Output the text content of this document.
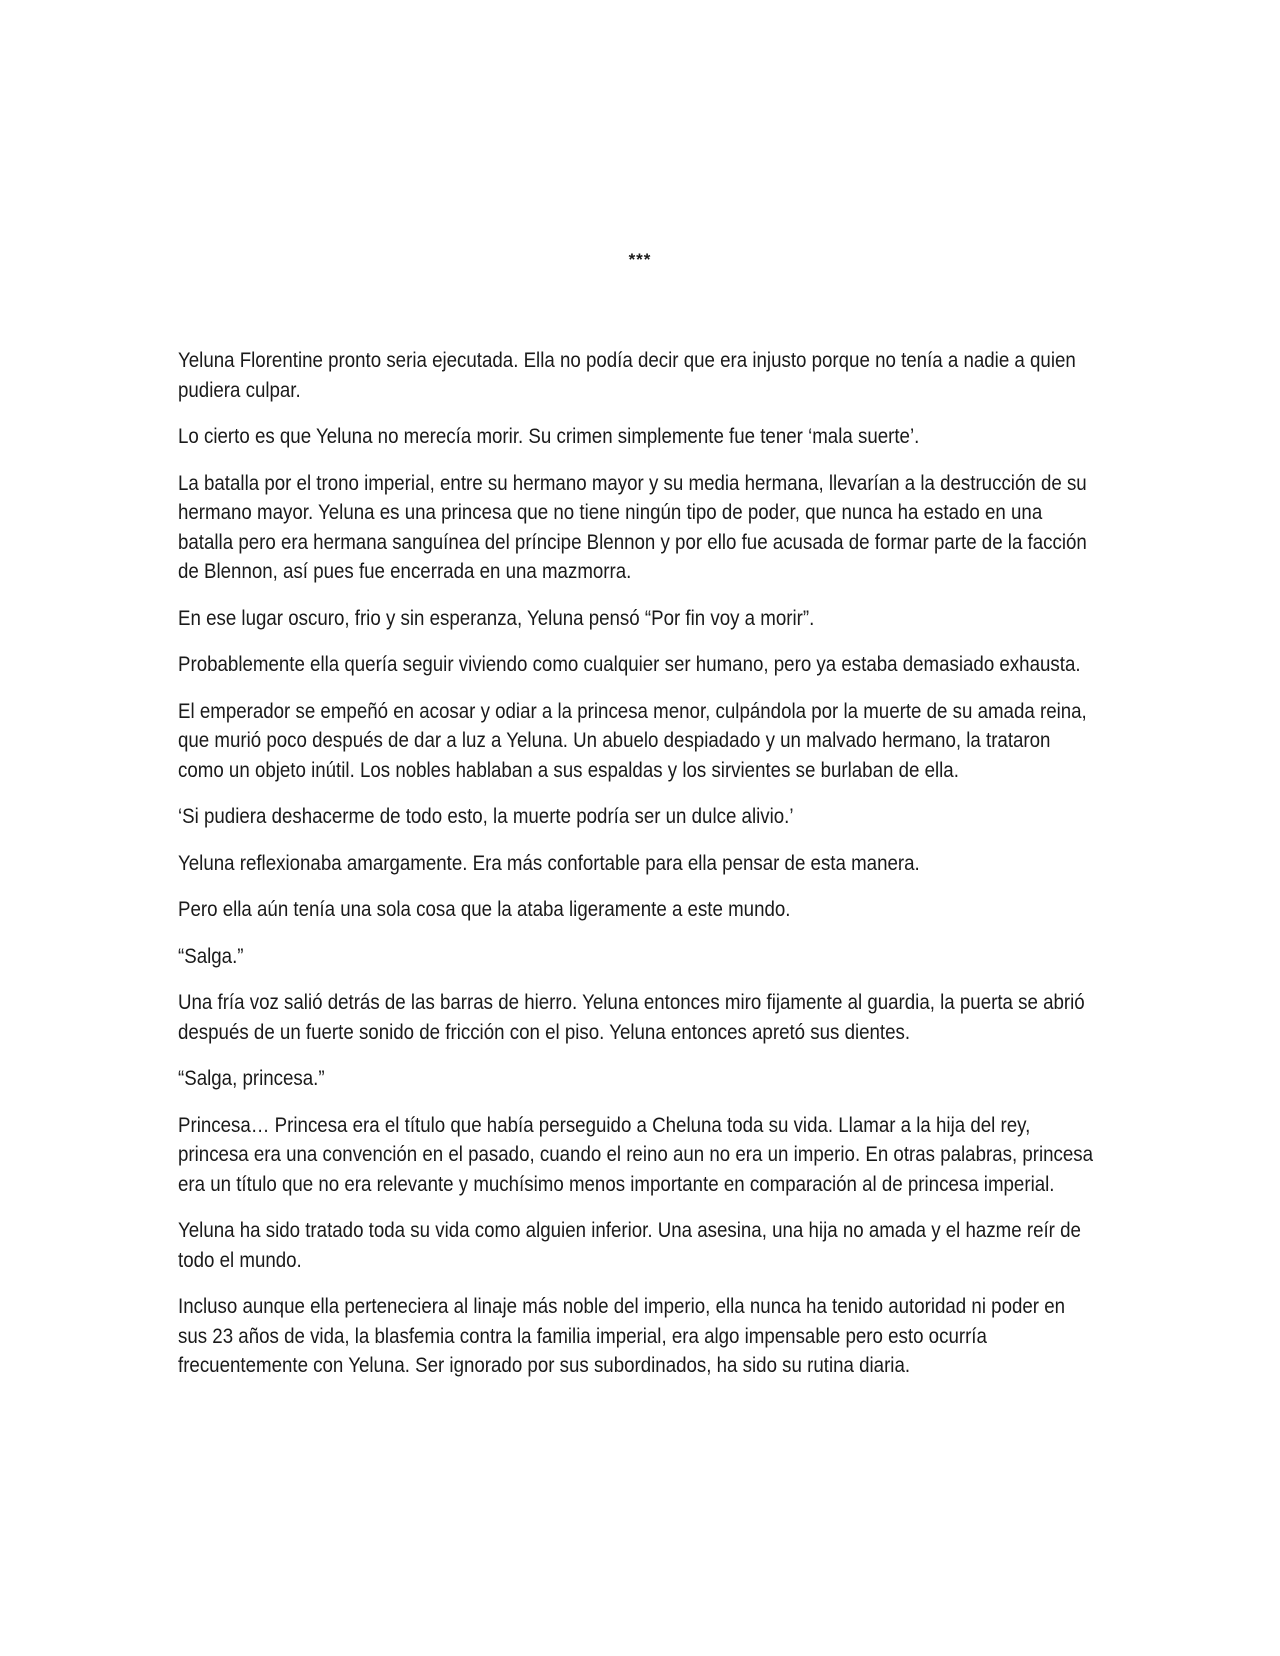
***

Yeluna Florentine pronto seria ejecutada. Ella no podía decir que era injusto porque no tenía a nadie a quien pudiera culpar.

Lo cierto es que Yeluna no merecía morir. Su crimen simplemente fue tener ‘mala suerte’.

La batalla por el trono imperial, entre su hermano mayor y su media hermana, llevarían a la destrucción de su hermano mayor. Yeluna es una princesa que no tiene ningún tipo de poder, que nunca ha estado en una batalla pero era hermana sanguínea del príncipe Blennon y por ello fue acusada de formar parte de la facción de Blennon, así pues fue encerrada en una mazmorra.

En ese lugar oscuro, frio y sin esperanza, Yeluna pensó “Por fin voy a morir”.

Probablemente ella quería seguir viviendo como cualquier ser humano, pero ya estaba demasiado exhausta.

El emperador se empeñó en acosar y odiar a la princesa menor, culpándola por la muerte de su amada reina, que murió poco después de dar a luz a Yeluna. Un abuelo despiadado y un malvado hermano, la trataron como un objeto inútil. Los nobles hablaban a sus espaldas y los sirvientes se burlaban de ella.

‘Si pudiera deshacerme de todo esto, la muerte podría ser un dulce alivio.’

Yeluna reflexionaba amargamente. Era más confortable para ella pensar de esta manera.

Pero ella aún tenía una sola cosa que la ataba ligeramente a este mundo.

“Salga.”

Una fría voz salió detrás de las barras de hierro. Yeluna entonces miro fijamente al guardia, la puerta se abrió después de un fuerte sonido de fricción con el piso. Yeluna entonces apretó sus dientes.

“Salga, princesa.”

Princesa… Princesa era el título que había perseguido a Cheluna toda su vida. Llamar a la hija del rey, princesa era una convención en el pasado, cuando el reino aun no era un imperio. En otras palabras, princesa era un título que no era relevante y muchísimo menos importante en comparación al de princesa imperial.

Yeluna ha sido tratado toda su vida como alguien inferior. Una asesina, una hija no amada y el hazme reír de todo el mundo.

Incluso aunque ella perteneciera al linaje más noble del imperio, ella nunca ha tenido autoridad ni poder en sus 23 años de vida, la blasfemia contra la familia imperial, era algo impensable pero esto ocurría frecuentemente con Yeluna. Ser ignorado por sus subordinados, ha sido su rutina diaria.
